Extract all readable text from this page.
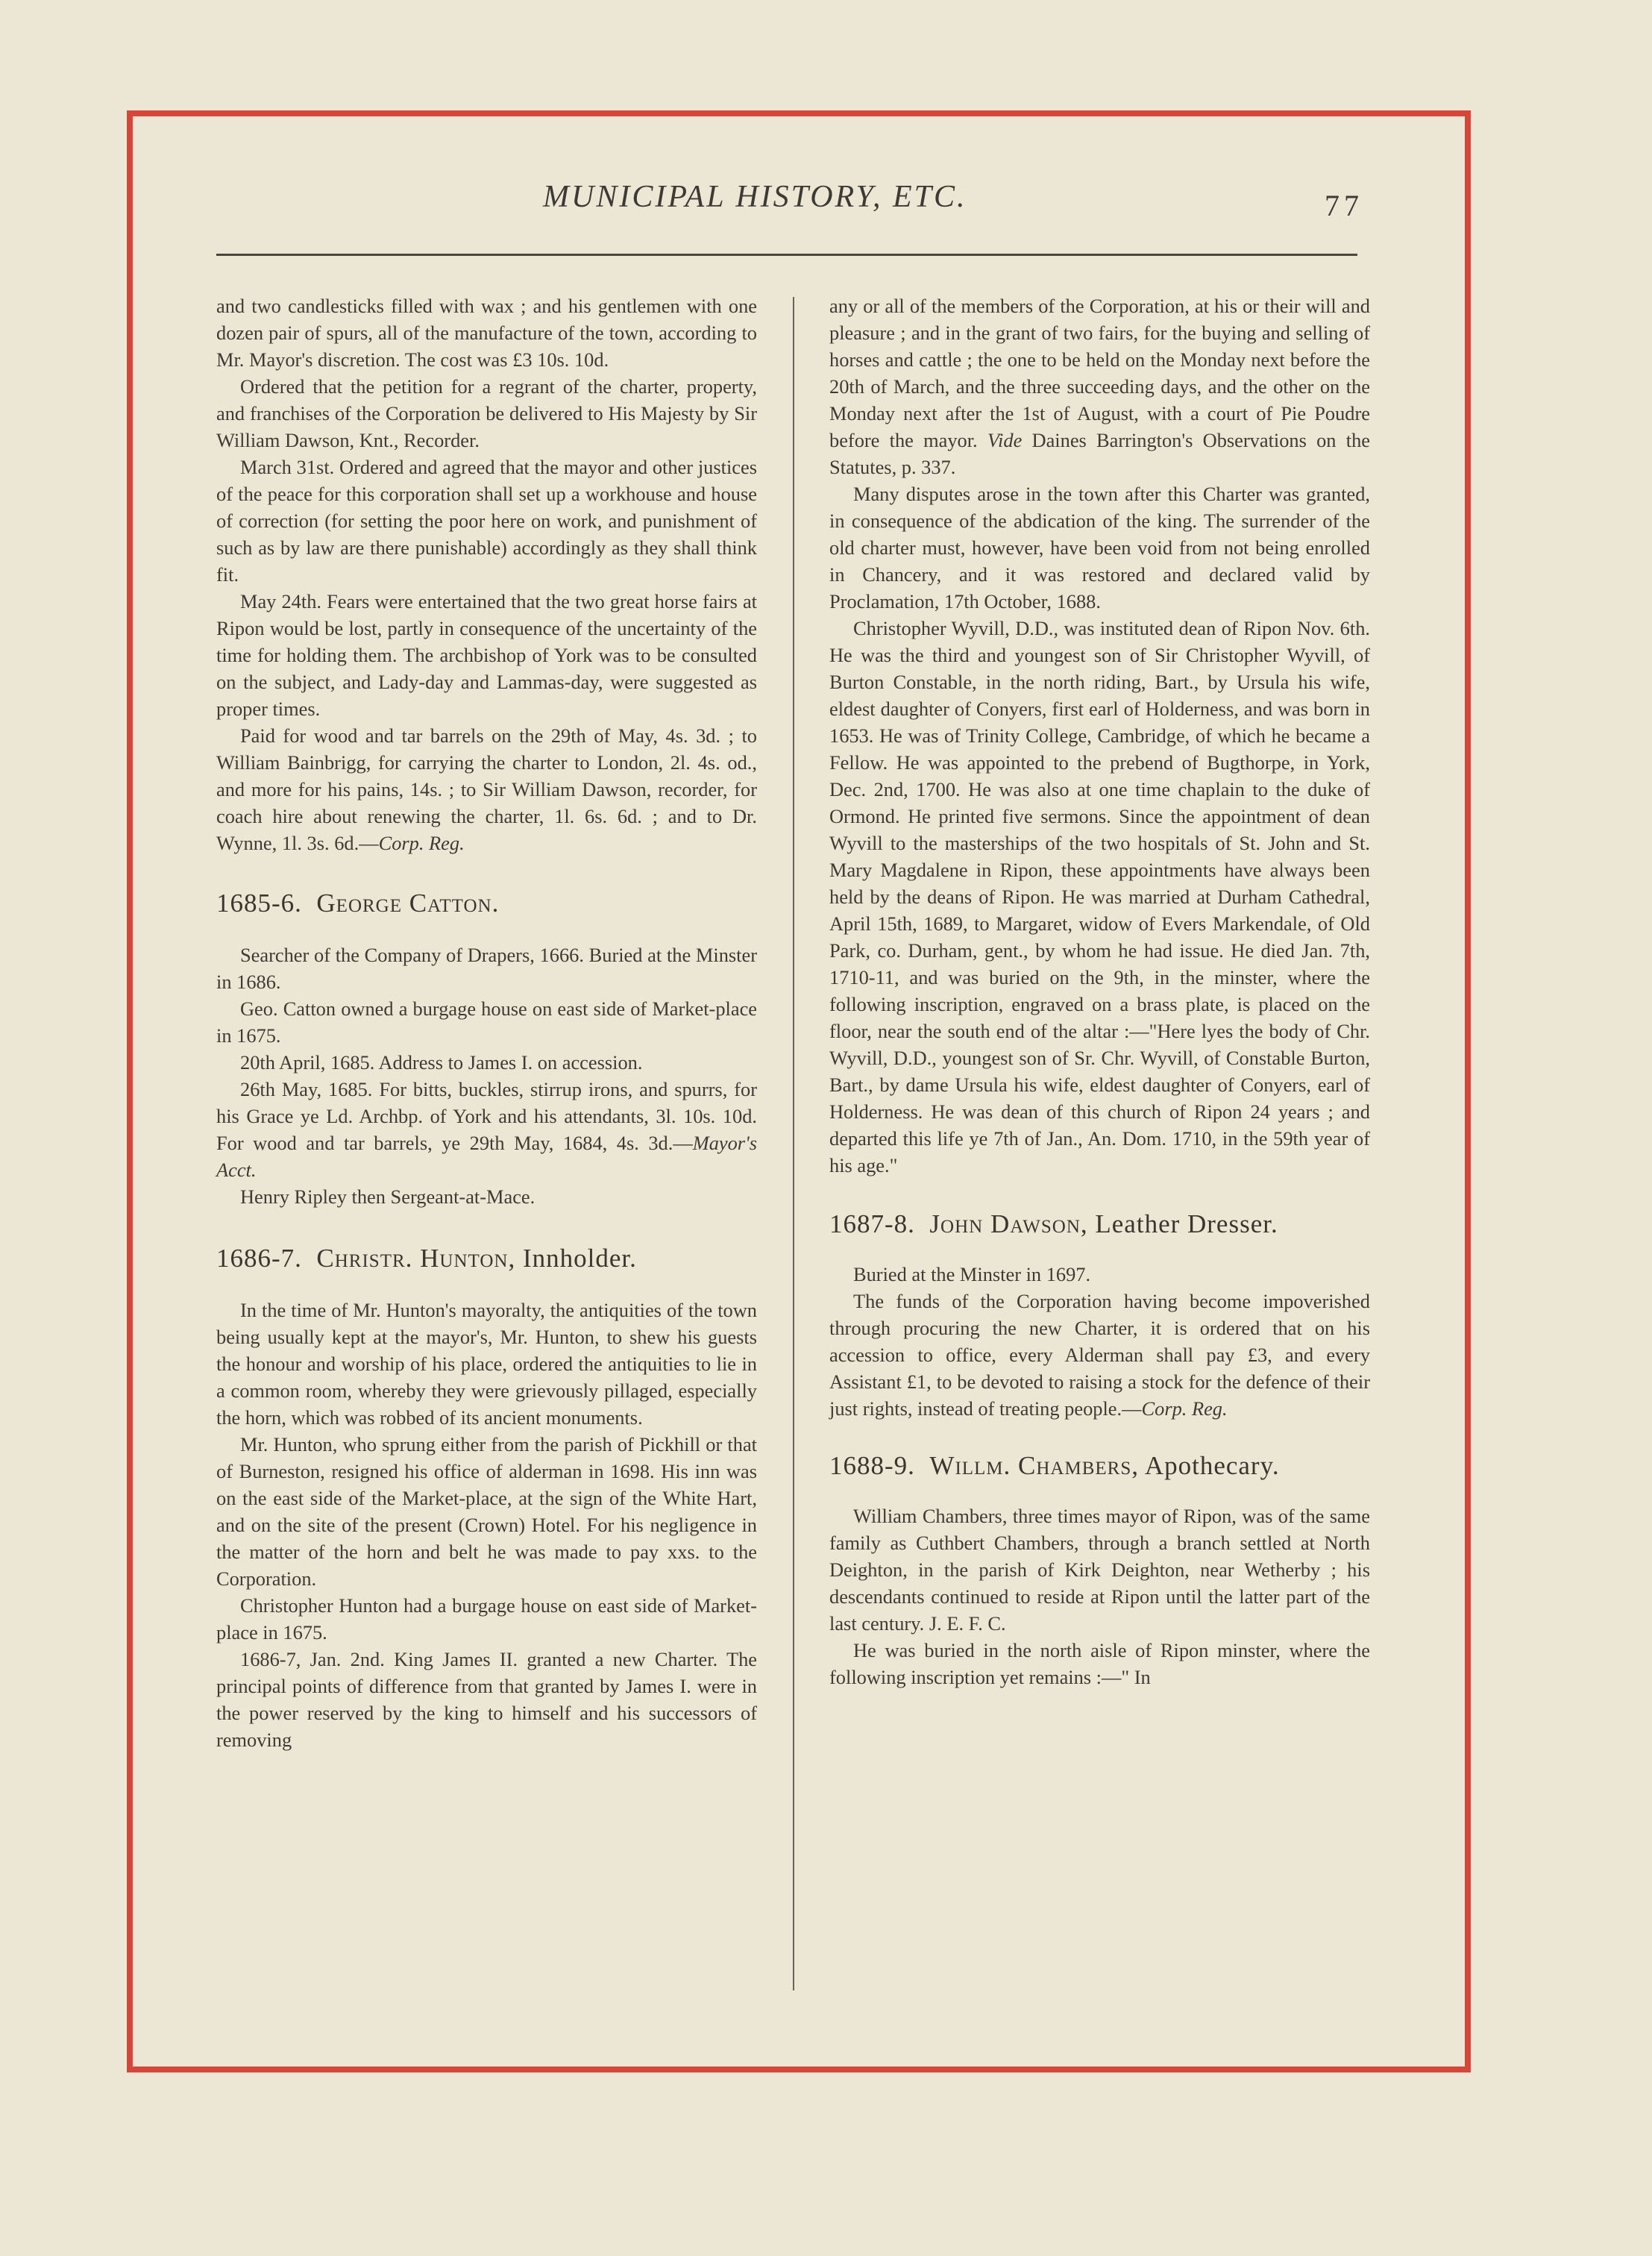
MUNICIPAL HISTORY, ETC.	77

and two candlesticks filled with wax ; and his gentlemen with one dozen pair of spurs, all of the manufacture of the town, according to Mr. Mayor's discretion. The cost was £3 10s. 10d.

Ordered that the petition for a regrant of the charter, property, and franchises of the Corporation be delivered to His Majesty by Sir William Dawson, Knt., Recorder.

March 31st. Ordered and agreed that the mayor and other justices of the peace for this corporation shall set up a workhouse and house of correction (for setting the poor here on work, and punishment of such as by law are there punishable) accordingly as they shall think fit.

May 24th. Fears were entertained that the two great horse fairs at Ripon would be lost, partly in consequence of the uncertainty of the time for holding them. The archbishop of York was to be consulted on the subject, and Lady-day and Lammas-day, were suggested as proper times.

Paid for wood and tar barrels on the 29th of May, 4s. 3d. ; to William Bainbrigg, for carrying the charter to London, 2l. 4s. od., and more for his pains, 14s. ; to Sir William Dawson, recorder, for coach hire about renewing the charter, 1l. 6s. 6d. ; and to Dr. Wynne, 1l. 3s. 6d.—Corp. Reg.

1685-6. George Catton.

Searcher of the Company of Drapers, 1666. Buried at the Minster in 1686.

Geo. Catton owned a burgage house on east side of Market-place in 1675.

20th April, 1685. Address to James I. on accession.

26th May, 1685. For bitts, buckles, stirrup irons, and spurrs, for his Grace ye Ld. Archbp. of York and his attendants, 3l. 10s. 10d. For wood and tar barrels, ye 29th May, 1684, 4s. 3d.—Mayor's Acct.

Henry Ripley then Sergeant-at-Mace.

1686-7. Christr. Hunton, Innholder.

In the time of Mr. Hunton's mayoralty, the antiquities of the town being usually kept at the mayor's, Mr. Hunton, to shew his guests the honour and worship of his place, ordered the antiquities to lie in a common room, whereby they were grievously pillaged, especially the horn, which was robbed of its ancient monuments.

Mr. Hunton, who sprung either from the parish of Pickhill or that of Burneston, resigned his office of alderman in 1698. His inn was on the east side of the Market-place, at the sign of the White Hart, and on the site of the present (Crown) Hotel. For his negligence in the matter of the horn and belt he was made to pay xxs. to the Corporation.

Christopher Hunton had a burgage house on east side of Market-place in 1675.

1686-7, Jan. 2nd. King James II. granted a new Charter. The principal points of difference from that granted by James I. were in the power reserved by the king to himself and his successors of removing

any or all of the members of the Corporation, at his or their will and pleasure ; and in the grant of two fairs, for the buying and selling of horses and cattle ; the one to be held on the Monday next before the 20th of March, and the three succeeding days, and the other on the Monday next after the 1st of August, with a court of Pie Poudre before the mayor. Vide Daines Barrington's Observations on the Statutes, p. 337.

Many disputes arose in the town after this Charter was granted, in consequence of the abdication of the king. The surrender of the old charter must, however, have been void from not being enrolled in Chancery, and it was restored and declared valid by Proclamation, 17th October, 1688.

Christopher Wyvill, D.D., was instituted dean of Ripon Nov. 6th. He was the third and youngest son of Sir Christopher Wyvill, of Burton Constable, in the north riding, Bart., by Ursula his wife, eldest daughter of Conyers, first earl of Holderness, and was born in 1653. He was of Trinity College, Cambridge, of which he became a Fellow. He was appointed to the prebend of Bugthorpe, in York, Dec. 2nd, 1700. He was also at one time chaplain to the duke of Ormond. He printed five sermons. Since the appointment of dean Wyvill to the masterships of the two hospitals of St. John and St. Mary Magdalene in Ripon, these appointments have always been held by the deans of Ripon. He was married at Durham Cathedral, April 15th, 1689, to Margaret, widow of Evers Markendale, of Old Park, co. Durham, gent., by whom he had issue. He died Jan. 7th, 1710-11, and was buried on the 9th, in the minster, where the following inscription, engraved on a brass plate, is placed on the floor, near the south end of the altar :—"Here lyes the body of Chr. Wyvill, D.D., youngest son of Sr. Chr. Wyvill, of Constable Burton, Bart., by dame Ursula his wife, eldest daughter of Conyers, earl of Holderness. He was dean of this church of Ripon 24 years ; and departed this life ye 7th of Jan., An. Dom. 1710, in the 59th year of his age."

1687-8. John Dawson, Leather Dresser.

Buried at the Minster in 1697.

The funds of the Corporation having become impoverished through procuring the new Charter, it is ordered that on his accession to office, every Alderman shall pay £3, and every Assistant £1, to be devoted to raising a stock for the defence of their just rights, instead of treating people.—Corp. Reg.

1688-9. Willm. Chambers, Apothecary.

William Chambers, three times mayor of Ripon, was of the same family as Cuthbert Chambers, through a branch settled at North Deighton, in the parish of Kirk Deighton, near Wetherby ; his descendants continued to reside at Ripon until the latter part of the last century. J. E. F. C.

He was buried in the north aisle of Ripon minster, where the following inscription yet remains :—" In
